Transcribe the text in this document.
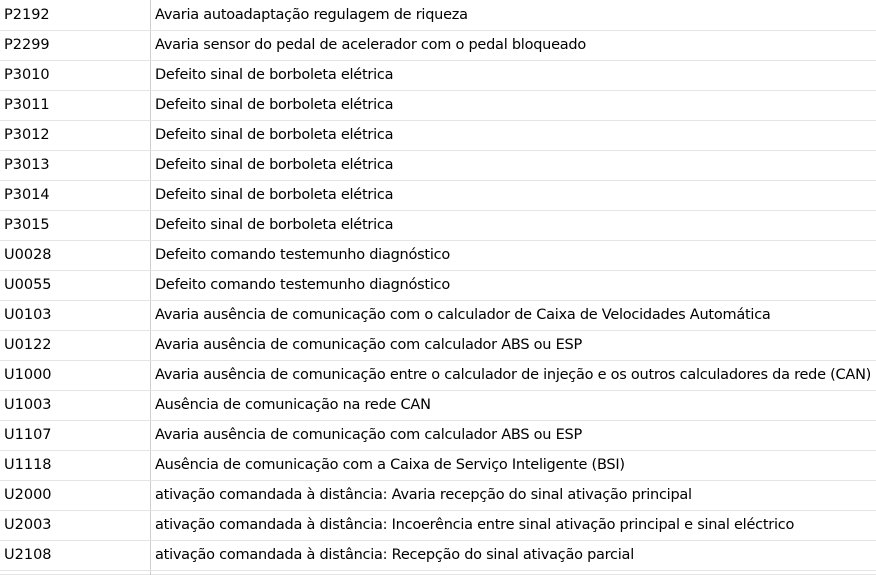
P2192	Avaria autoadaptação regulagem de riqueza
P2299	Avaria sensor do pedal de acelerador com o pedal bloqueado
P3010	Defeito sinal de borboleta elétrica
P3011	Defeito sinal de borboleta elétrica
P3012	Defeito sinal de borboleta elétrica
P3013	Defeito sinal de borboleta elétrica
P3014	Defeito sinal de borboleta elétrica
P3015	Defeito sinal de borboleta elétrica
U0028	Defeito comando testemunho diagnóstico
U0055	Defeito comando testemunho diagnóstico
U0103	Avaria ausência de comunicação com o calculador de Caixa de Velocidades Automática
U0122	Avaria ausência de comunicação com calculador ABS ou ESP
U1000	Avaria ausência de comunicação entre o calculador de injeção e os outros calculadores da rede (CAN)
U1003	Ausência de comunicação na rede CAN
U1107	Avaria ausência de comunicação com calculador ABS ou ESP
U1118	Ausência de comunicação com a Caixa de Serviço Inteligente (BSI)
U2000	ativação comandada à distância: Avaria recepção do sinal ativação principal
U2003	ativação comandada à distância: Incoerência entre sinal ativação principal e sinal eléctrico
U2108	ativação comandada à distância: Recepção do sinal ativação parcial
